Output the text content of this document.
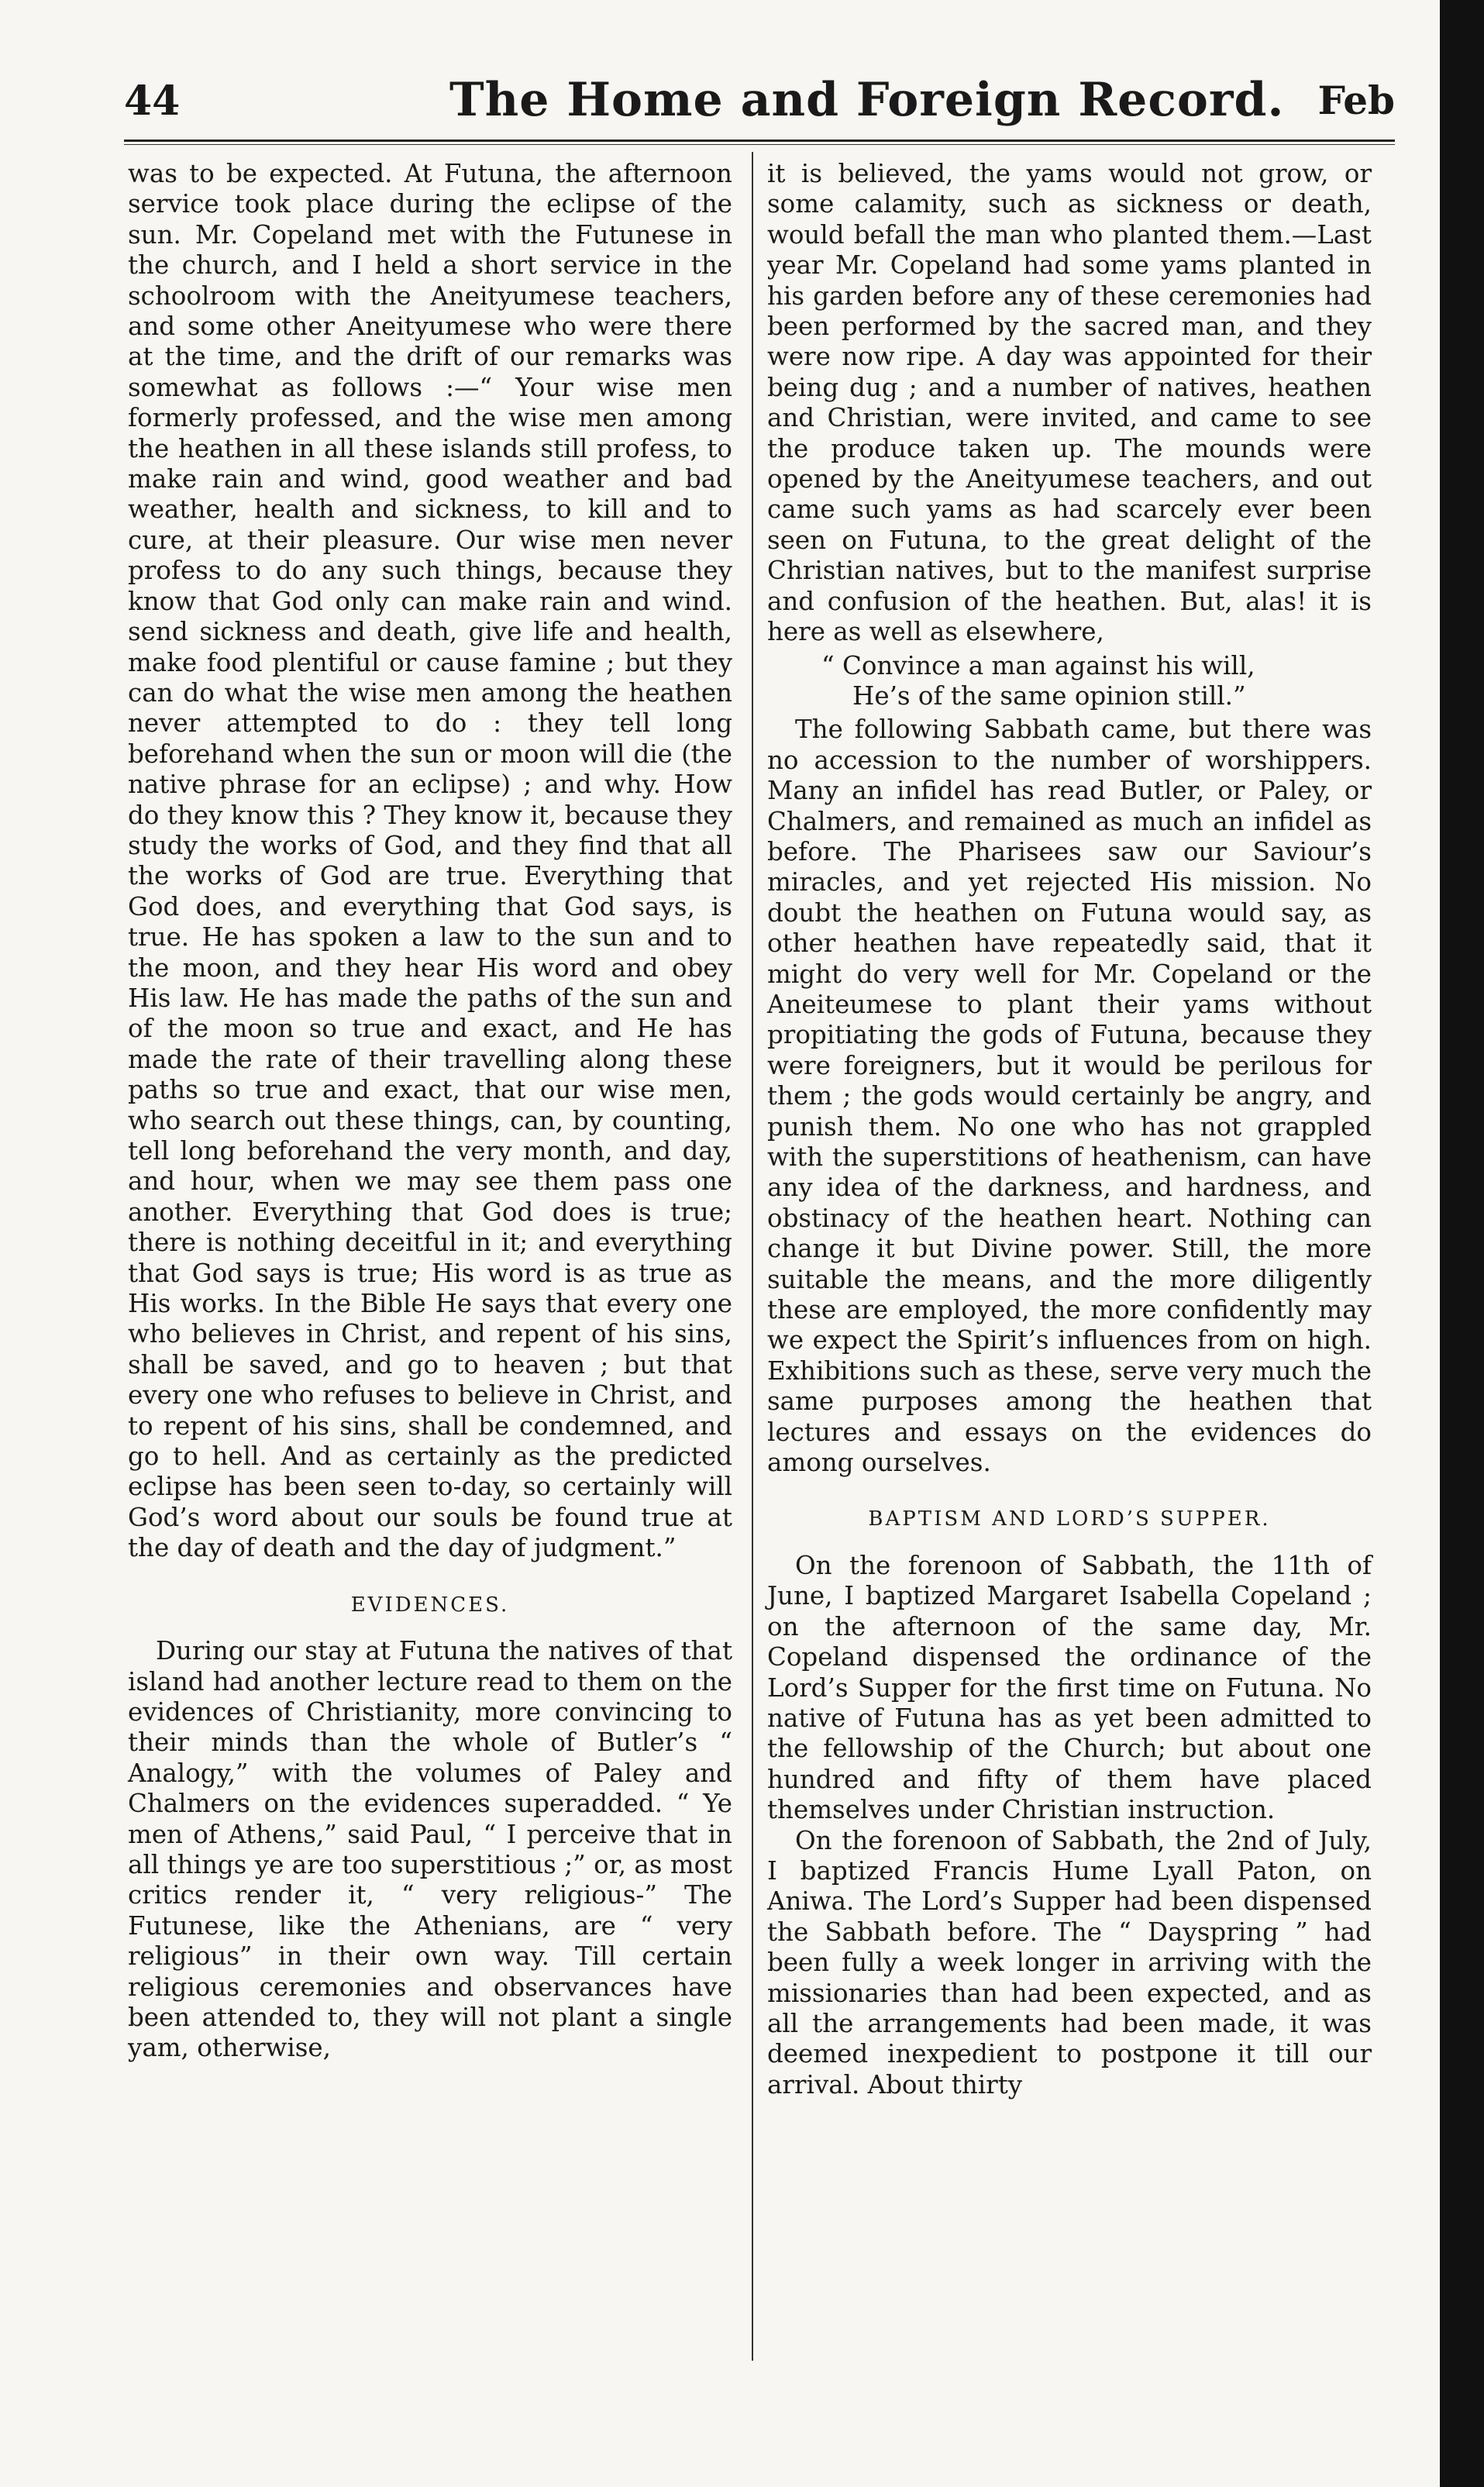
44	The Home and Foreign Record. Feb

was to be expected. At Futuna, the afternoon service took place during the eclipse of the sun. Mr. Copeland met with the Futunese in the church, and I held a short service in the schoolroom with the Aneityumese teachers, and some other Aneityumese who were there at the time, and the drift of our remarks was somewhat as follows :—“ Your wise men formerly professed, and the wise men among the heathen in all these islands still profess, to make rain and wind, good weather and bad weather, health and sickness, to kill and to cure, at their pleasure. Our wise men never profess to do any such things, because they know that God only can make rain and wind. send sickness and death, give life and health, make food plentiful or cause famine ; but they can do what the wise men among the heathen never attempted to do : they tell long beforehand when the sun or moon will die (the native phrase for an eclipse) ; and why. How do they know this ? They know it, because they study the works of God, and they find that all the works of God are true. Everything that God does, and everything that God says, is true. He has spoken a law to the sun and to the moon, and they hear His word and obey His law. He has made the paths of the sun and of the moon so true and exact, and He has made the rate of their travelling along these paths so true and exact, that our wise men, who search out these things, can, by counting, tell long beforehand the very month, and day, and hour, when we may see them pass one another. Everything that God does is true; there is nothing deceitful in it; and everything that God says is true; His word is as true as His works. In the Bible He says that every one who believes in Christ, and repent of his sins, shall be saved, and go to heaven ; but that every one who refuses to believe in Christ, and to repent of his sins, shall be condemned, and go to hell. And as certainly as the predicted eclipse has been seen to-day, so certainly will God’s word about our souls be found true at the day of death and the day of judgment.”

EVIDENCES.

During our stay at Futuna the natives of that island had another lecture read to them on the evidences of Christianity, more convincing to their minds than the whole of Butler’s “ Analogy,” with the volumes of Paley and Chalmers on the evidences superadded. “ Ye men of Athens,” said Paul, “ I perceive that in all things ye are too superstitious ;” or, as most critics render it, “ very religious-” The Futunese, like the Athenians, are “ very religious” in their own way. Till certain religious ceremonies and observances have been attended to, they will not plant a single yam, otherwise,

it is believed, the yams would not grow, or some calamity, such as sickness or death, would befall the man who planted them.—Last year Mr. Copeland had some yams planted in his garden before any of these ceremonies had been performed by the sacred man, and they were now ripe. A day was appointed for their being dug ; and a number of natives, heathen and Christian, were invited, and came to see the produce taken up. The mounds were opened by the Aneityumese teachers, and out came such yams as had scarcely ever been seen on Futuna, to the great delight of the Christian natives, but to the manifest surprise and confusion of the heathen. But, alas! it is here as well as elsewhere,

“ Convince a man against his will,
He’s of the same opinion still.”

The following Sabbath came, but there was no accession to the number of worshippers. Many an infidel has read Butler, or Paley, or Chalmers, and remained as much an infidel as before. The Pharisees saw our Saviour’s miracles, and yet rejected His mission. No doubt the heathen on Futuna would say, as other heathen have repeatedly said, that it might do very well for Mr. Copeland or the Aneiteumese to plant their yams without propitiating the gods of Futuna, because they were foreigners, but it would be perilous for them ; the gods would certainly be angry, and punish them. No one who has not grappled with the superstitions of heathenism, can have any idea of the darkness, and hardness, and obstinacy of the heathen heart. Nothing can change it but Divine power. Still, the more suitable the means, and the more diligently these are employed, the more confidently may we expect the Spirit’s influences from on high. Exhibitions such as these, serve very much the same purposes among the heathen that lectures and essays on the evidences do among ourselves.

BAPTISM AND LORD’S SUPPER.

On the forenoon of Sabbath, the 11th of June, I baptized Margaret Isabella Copeland ; on the afternoon of the same day, Mr. Copeland dispensed the ordinance of the Lord’s Supper for the first time on Futuna. No native of Futuna has as yet been admitted to the fellowship of the Church; but about one hundred and fifty of them have placed themselves under Christian instruction.

On the forenoon of Sabbath, the 2nd of July, I baptized Francis Hume Lyall Paton, on Aniwa. The Lord’s Supper had been dispensed the Sabbath before. The “ Dayspring ” had been fully a week longer in arriving with the missionaries than had been expected, and as all the arrangements had been made, it was deemed inexpedient to postpone it till our arrival. About thirty
